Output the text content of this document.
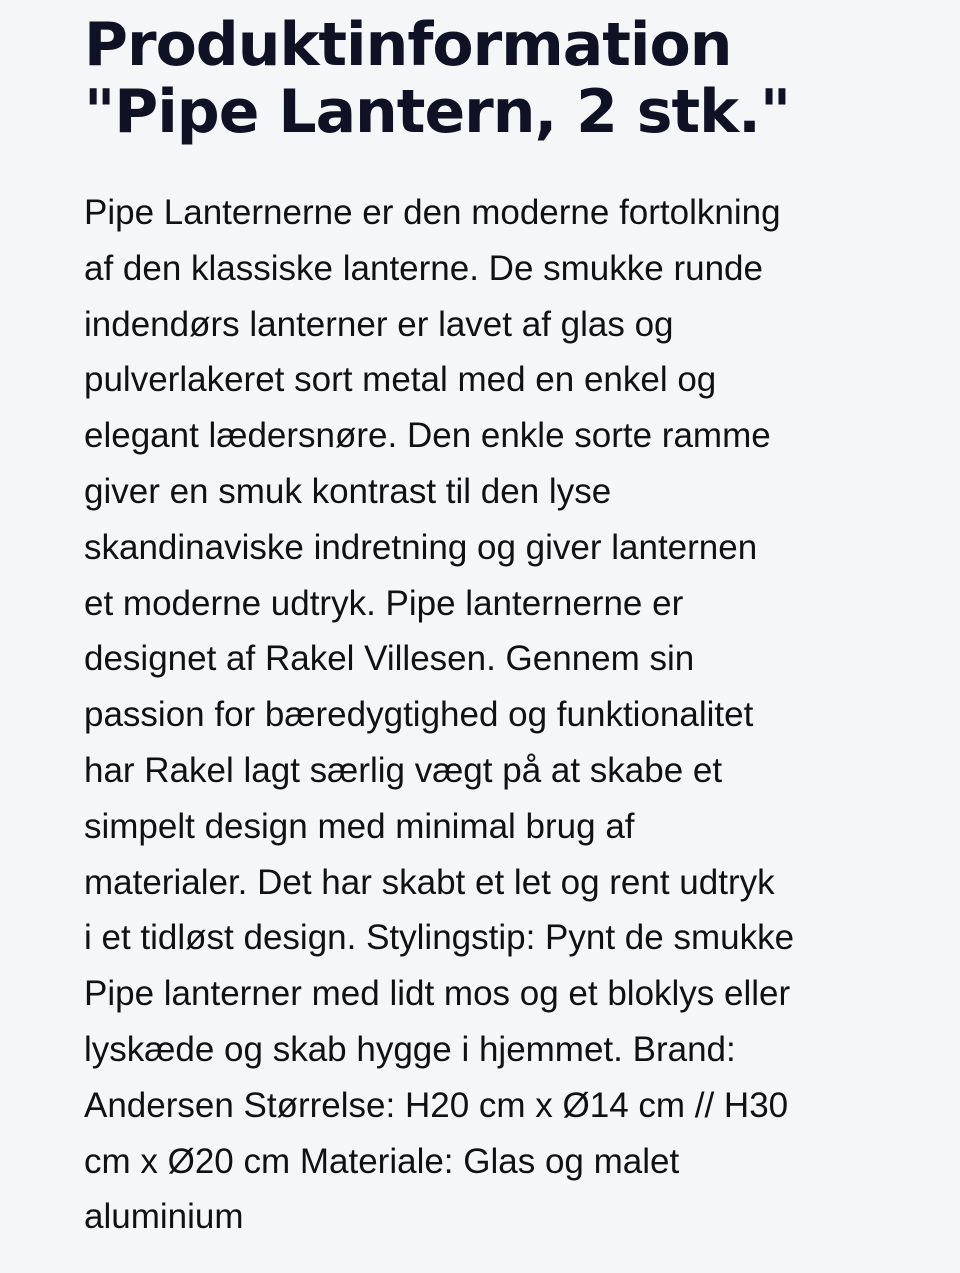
Produktinformation
"Pipe Lantern, 2 stk."

Pipe Lanternerne er den moderne fortolkning
af den klassiske lanterne. De smukke runde
indendørs lanterner er lavet af glas og
pulverlakeret sort metal med en enkel og
elegant lædersnøre. Den enkle sorte ramme
giver en smuk kontrast til den lyse
skandinaviske indretning og giver lanternen
et moderne udtryk. Pipe lanternerne er
designet af Rakel Villesen. Gennem sin
passion for bæredygtighed og funktionalitet
har Rakel lagt særlig vægt på at skabe et
simpelt design med minimal brug af
materialer. Det har skabt et let og rent udtryk
i et tidløst design. Stylingstip: Pynt de smukke
Pipe lanterner med lidt mos og et bloklys eller
lyskæde og skab hygge i hjemmet. Brand:
Andersen Størrelse: H20 cm x Ø14 cm // H30
cm x Ø20 cm Materiale: Glas og malet
aluminium
